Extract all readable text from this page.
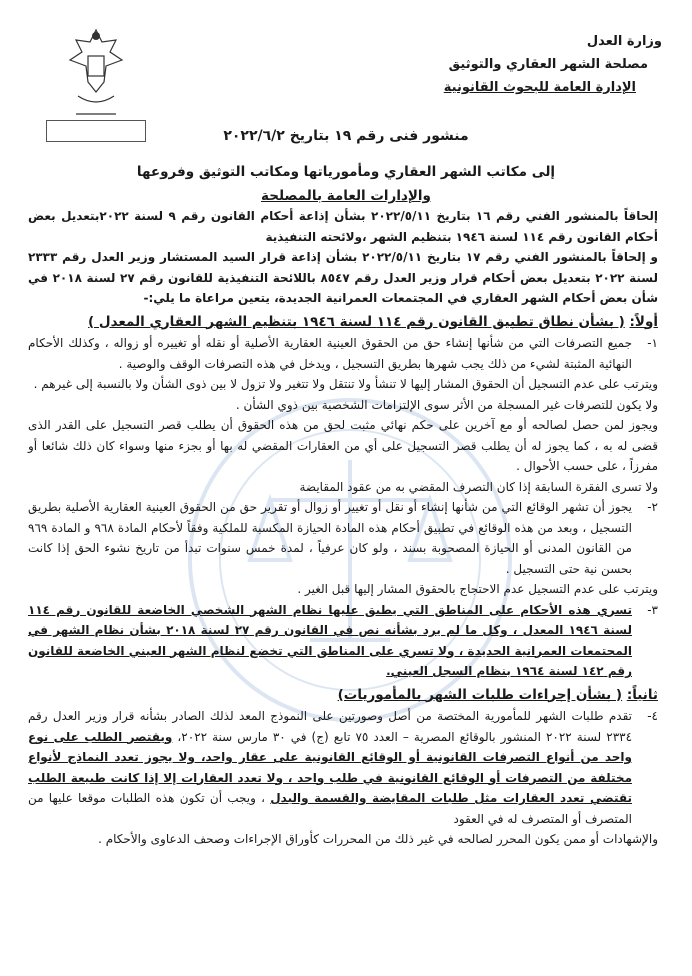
وزارة العدل
مصلحة الشهر العقاري والتوثيق
الإدارة العامة للبحوث القانونية
منشور فنى رقم ١٩ بتاريخ ٢٠٢٢/٦/٢
إلى مكاتب الشهر العقاري ومأمورياتها ومكاتب التوثيق وفروعها
والإدارات العامة بالمصلحة

إلحاقاً بالمنشور الفني رقم ١٦ بتاريخ ٢٠٢٢/٥/١١ بشأن إذاعة أحكام القانون رقم ٩ لسنة ٢٠٢٢بتعديل بعض أحكام القانون رقم ١١٤ لسنة ١٩٤٦ بتنظيم الشهر ،ولائحته التنفيذية

و إلحاقاً بالمنشور الفني رقم ١٧ بتاريخ ٢٠٢٢/٥/١١ بشأن إذاعة قرار السيد المستشار وزير العدل رقم ٢٣٣٣ لسنة ٢٠٢٢ بتعديل بعض أحكام قرار وزير العدل رقم ٨٥٤٧ باللائحة التنفيذية للقانون رقم ٢٧ لسنة ٢٠١٨ في شأن بعض أحكام الشهر العقاري في المجتمعات العمرانية الجديدة، يتعين مراعاة ما يلي:-

أولاً: ( بشأن نطاق تطبيق القانون رقم ١١٤ لسنة ١٩٤٦ بتنظيم الشهر العقاري المعدل )

١-
جميع التصرفات التي من شأنها إنشاء حق من الحقوق العينية العقارية الأصلية أو نقله أو تغييره أو زواله ، وكذلك الأحكام النهائية المثبتة لشيء من ذلك يجب شهرها بطريق التسجيل ، ويدخل في هذه التصرفات الوقف والوصية .

ويترتب على عدم التسجيل أن الحقوق المشار إليها لا تنشأ ولا تنتقل ولا تتغير ولا تزول لا بين ذوى الشأن ولا بالنسبة إلى غيرهم .

ولا يكون للتصرفات غير المسجلة من الأثر سوى الإلتزامات الشخصية بين ذوي الشأن .

ويجوز لمن حصل لصالحه أو مع آخرين على حكم نهائي مثبت لحق من هذه الحقوق أن يطلب قصر التسجيل على القدر الذى قضى له به ، كما يجوز له أن يطلب قصر التسجيل على أي من العقارات المقضي له بها أو بجزء منها وسواء كان ذلك شائعا أو مفرزاً ، على حسب الأحوال .

ولا تسرى الفقرة السابقة إذا كان التصرف المقضي به من عقود المقايضة

٢-
يجوز أن تشهر الوقائع التي من شأنها إنشاء أو نقل أو تغيير أو زوال أو تقرير حق من الحقوق العينية العقارية الأصلية بطريق التسجيل ، وبعد من هذه الوقائع في تطبيق أحكام هذه المادة الحيازة المكسبة للملكية وفقاً لأحكام المادة ٩٦٨ و المادة ٩٦٩ من القانون المدنى أو الحيازة المصحوبة بسند ، ولو كان عرفياً ، لمدة خمس سنوات تبدأ من تاريخ نشوء الحق إذا كانت بحسن نية حتى التسجيل .

ويترتب على عدم التسجيل عدم الاحتجاج بالحقوق المشار إليها قبل الغير .

٣-
تسري هذه الأحكام على المناطق التي يطبق عليها نظام الشهر الشخصي الخاضعة للقانون رقم ١١٤ لسنة ١٩٤٦ المعدل ، وكل ما لم يرد بشأنه نص في القانون رقم ٢٧ لسنة ٢٠١٨ بشأن نظام الشهر في المجتمعات العمرانية الجديدة ، ولا تسري على المناطق التي تخضع لنظام الشهر العيني الخاضعة للقانون رقم ١٤٢ لسنة ١٩٦٤ بنظام السجل العيني.

ثانياً: ( بشأن إجراءات طلبات الشهر بالمأموريات)

٤-
تقدم طلبات الشهر للمأمورية المختصة من أصل وصورتين على النموذج المعد لذلك الصادر بشأنه قرار وزير العدل رقم ٢٣٣٤ لسنة ٢٠٢٢ المنشور بالوقائع المصرية – العدد ٧٥ تابع (ج) في ٣٠ مارس سنة ٢٠٢٢، ويقتصر الطلب على نوع واحد من أنواع التصرفات القانونية أو الوقائع القانونية على عقار واحد، ولا يجوز تعدد النماذج لأنواع مختلفة من التصرفات أو الوقائع القانونية في طلب واحد ، ولا تعدد العقارات إلا إذا كانت طبيعة الطلب تقتضي تعدد العقارات مثل طلبات المقايضة والقسمة والبدل ، ويجب أن تكون هذه الطلبات موقعا عليها من المتصرف أو المتصرف له في العقود

والإشهادات أو ممن يكون المحرر لصالحه في غير ذلك من المحررات كأوراق الإجراءات وصحف الدعاوى والأحكام .
